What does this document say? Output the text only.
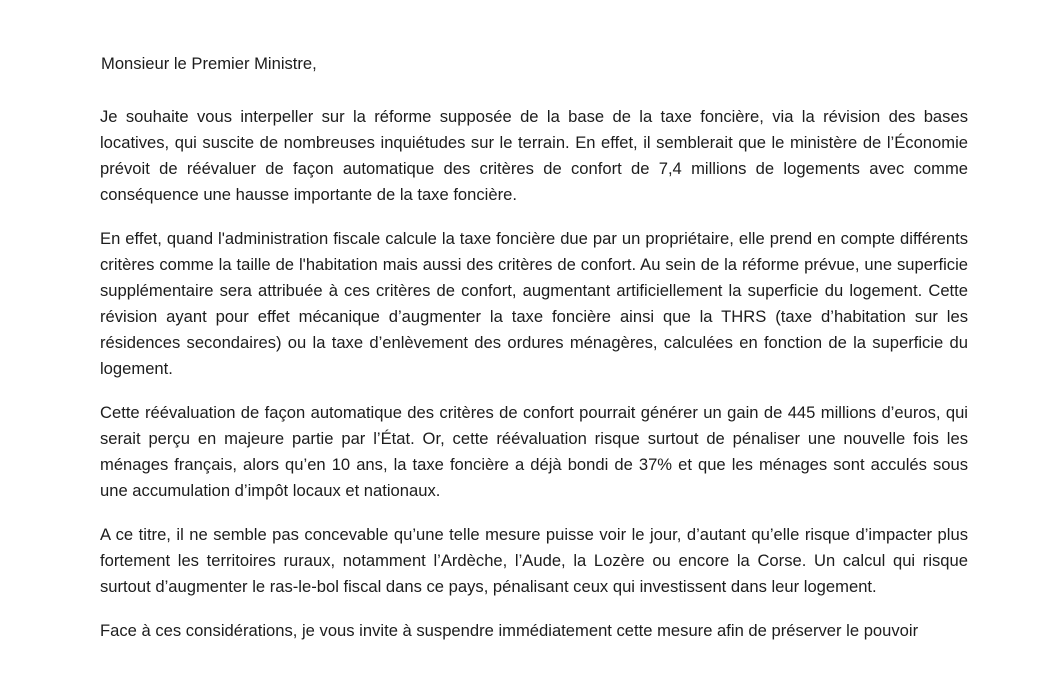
Monsieur le Premier Ministre,

Je souhaite vous interpeller sur la réforme supposée de la base de la taxe foncière, via la révision des bases locatives, qui suscite de nombreuses inquiétudes sur le terrain. En effet, il semblerait que le ministère de l’Économie prévoit de réévaluer de façon automatique des critères de confort de 7,4 millions de logements avec comme conséquence une hausse importante de la taxe foncière.

En effet, quand l'administration fiscale calcule la taxe foncière due par un propriétaire, elle prend en compte différents critères comme la taille de l'habitation mais aussi des critères de confort. Au sein de la réforme prévue, une superficie supplémentaire sera attribuée à ces critères de confort, augmentant artificiellement la superficie du logement. Cette révision ayant pour effet mécanique d’augmenter la taxe foncière ainsi que la THRS (taxe d’habitation sur les résidences secondaires) ou la taxe d’enlèvement des ordures ménagères, calculées en fonction de la superficie du logement.

Cette réévaluation de façon automatique des critères de confort pourrait générer un gain de 445 millions d’euros, qui serait perçu en majeure partie par l’État. Or, cette réévaluation risque surtout de pénaliser une nouvelle fois les ménages français, alors qu’en 10 ans, la taxe foncière a déjà bondi de 37% et que les ménages sont acculés sous une accumulation d’impôt locaux et nationaux.

A ce titre, il ne semble pas concevable qu’une telle mesure puisse voir le jour, d’autant qu’elle risque d’impacter plus fortement les territoires ruraux, notamment l’Ardèche, l’Aude, la Lozère ou encore la Corse. Un calcul qui risque surtout d’augmenter le ras-le-bol fiscal dans ce pays, pénalisant ceux qui investissent dans leur logement.

Face à ces considérations, je vous invite à suspendre immédiatement cette mesure afin de préserver le pouvoir
